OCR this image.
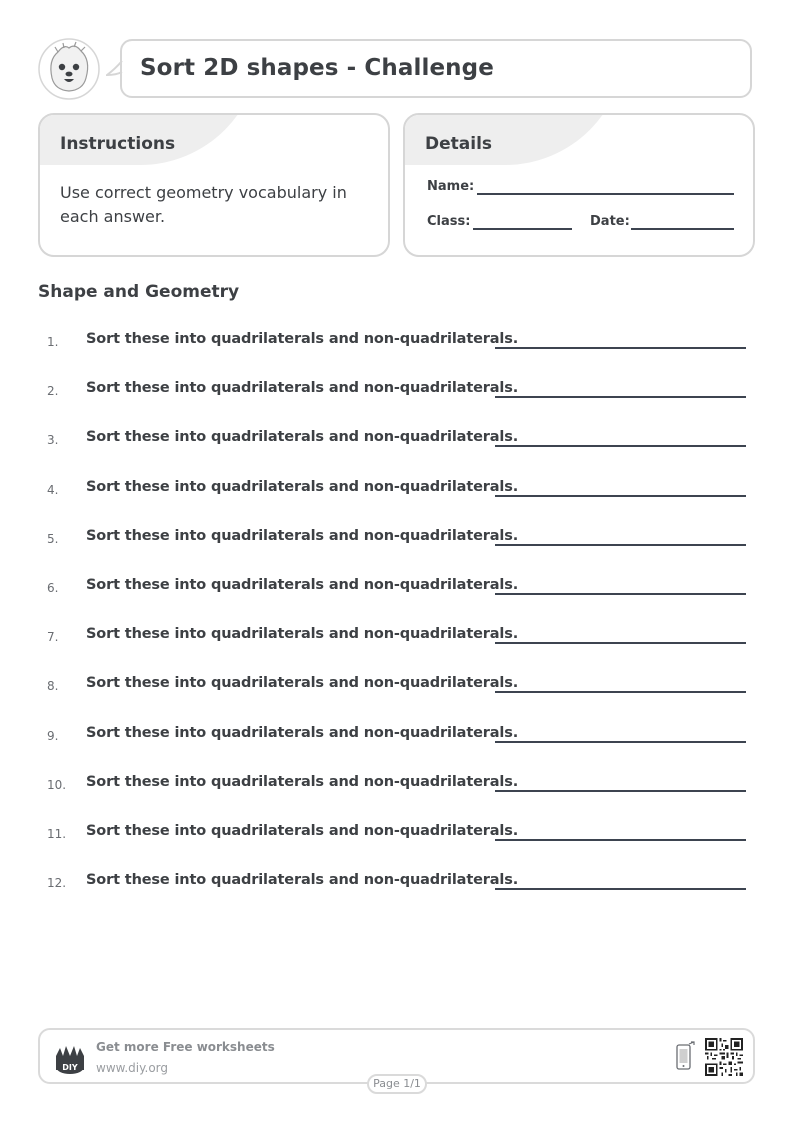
Sort 2D shapes - Challenge
Instructions
Use correct geometry vocabulary in each answer.
Details
Name:
Class:	Date:
Shape and Geometry
1. Sort these into quadrilaterals and non-quadrilaterals.
2. Sort these into quadrilaterals and non-quadrilaterals.
3. Sort these into quadrilaterals and non-quadrilaterals.
4. Sort these into quadrilaterals and non-quadrilaterals.
5. Sort these into quadrilaterals and non-quadrilaterals.
6. Sort these into quadrilaterals and non-quadrilaterals.
7. Sort these into quadrilaterals and non-quadrilaterals.
8. Sort these into quadrilaterals and non-quadrilaterals.
9. Sort these into quadrilaterals and non-quadrilaterals.
10. Sort these into quadrilaterals and non-quadrilaterals.
11. Sort these into quadrilaterals and non-quadrilaterals.
12. Sort these into quadrilaterals and non-quadrilaterals.
DIY
Get more Free worksheets
www.diy.org
Page 1/1
